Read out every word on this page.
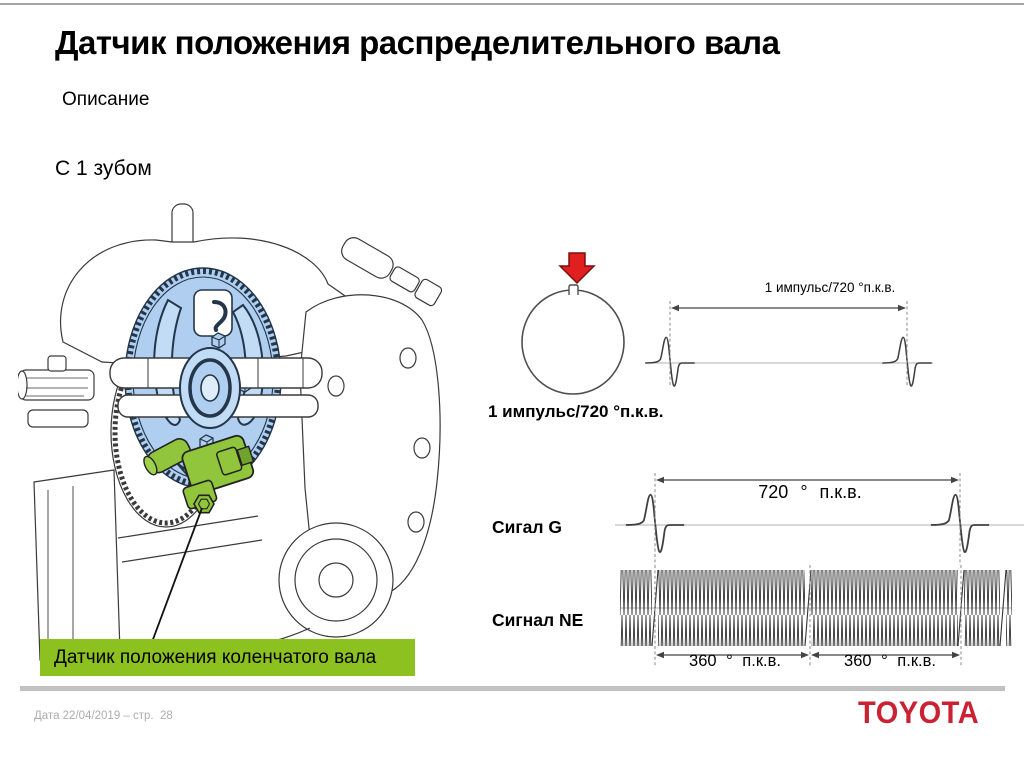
Датчик положения распределительного вала
Описание
С 1 зубом
Датчик положения коленчатого вала
1 импульс/720 °п.к.в.
1 импульс/720 °п.к.в.
Сигал G
720 ° п.к.в.
Сигнал NE
360 ° п.к.в.	360 ° п.к.в.
Дата 22/04/2019 – стр.  28	TOYOTA
